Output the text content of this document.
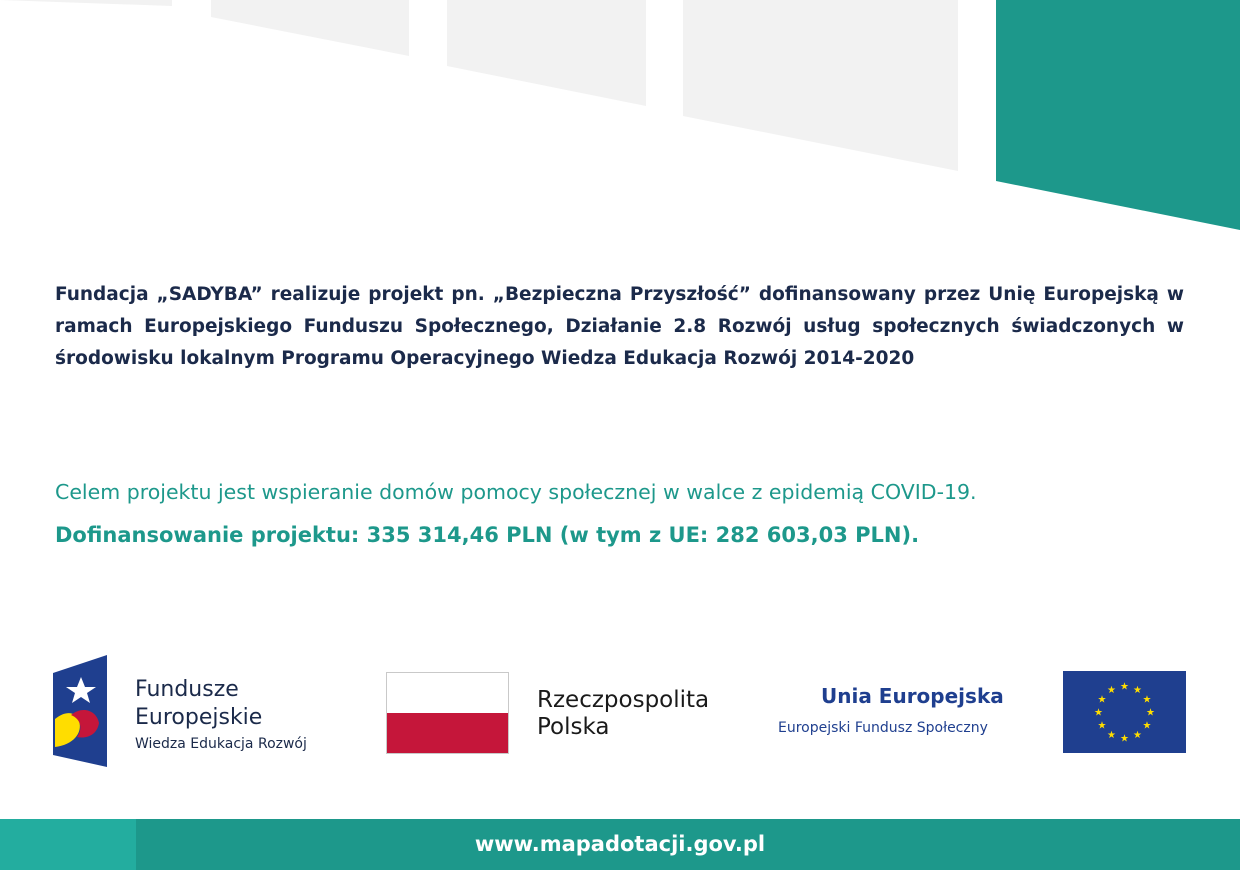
Fundacja „SADYBA” realizuje projekt pn. „Bezpieczna Przyszłość” dofinansowany przez Unię Europejską w ramach Europejskiego Funduszu Społecznego, Działanie 2.8 Rozwój usług społecznych świadczonych w środowisku lokalnym Programu Operacyjnego Wiedza Edukacja Rozwój 2014-2020

Celem projektu jest wspieranie domów pomocy społecznej w walce z epidemią COVID-19.

Dofinansowanie projektu: 335 314,46 PLN (w tym z UE: 282 603,03 PLN).

Fundusze
Europejskie
Wiedza Edukacja Rozwój
Rzeczpospolita
Polska
Unia Europejska
Europejski Fundusz Społeczny
★ ★
★
★
★
★
★
★
★
★
★
★
www.mapadotacji.gov.pl
